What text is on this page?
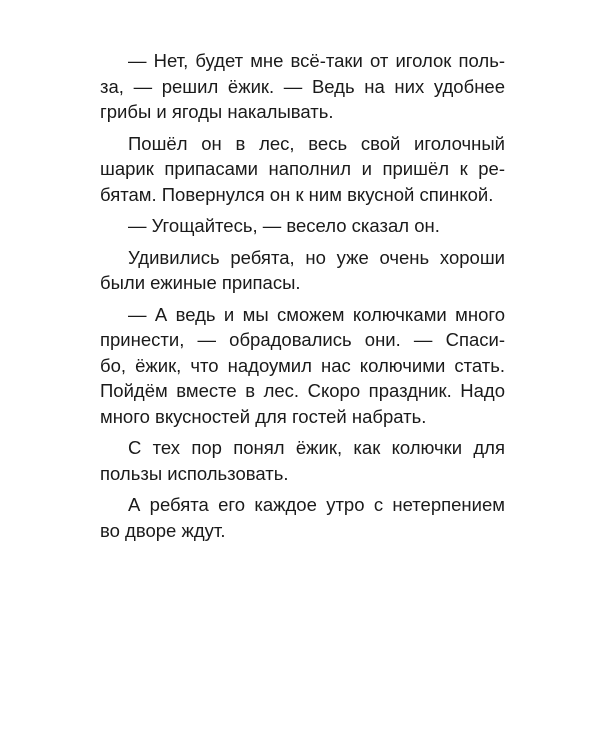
— Нет, будет мне всё-таки от иголок поль-
за, — решил ёжик. — Ведь на них удобнее
грибы и ягоды накалывать.

Пошёл он в лес, весь свой иголочный
шарик припасами наполнил и пришёл к ре-
бятам. Повернулся он к ним вкусной спинкой.

— Угощайтесь, — весело сказал он.

Удивились ребята, но уже очень хороши
были ежиные припасы.

— А ведь и мы сможем колючками много
принести, — обрадовались они. — Спаси-
бо, ёжик, что надоумил нас колючими стать.
Пойдём вместе в лес. Скоро праздник. Надо
много вкусностей для гостей набрать.

С тех пор понял ёжик, как колючки для
пользы использовать.

А ребята его каждое утро с нетерпением
во дворе ждут.
